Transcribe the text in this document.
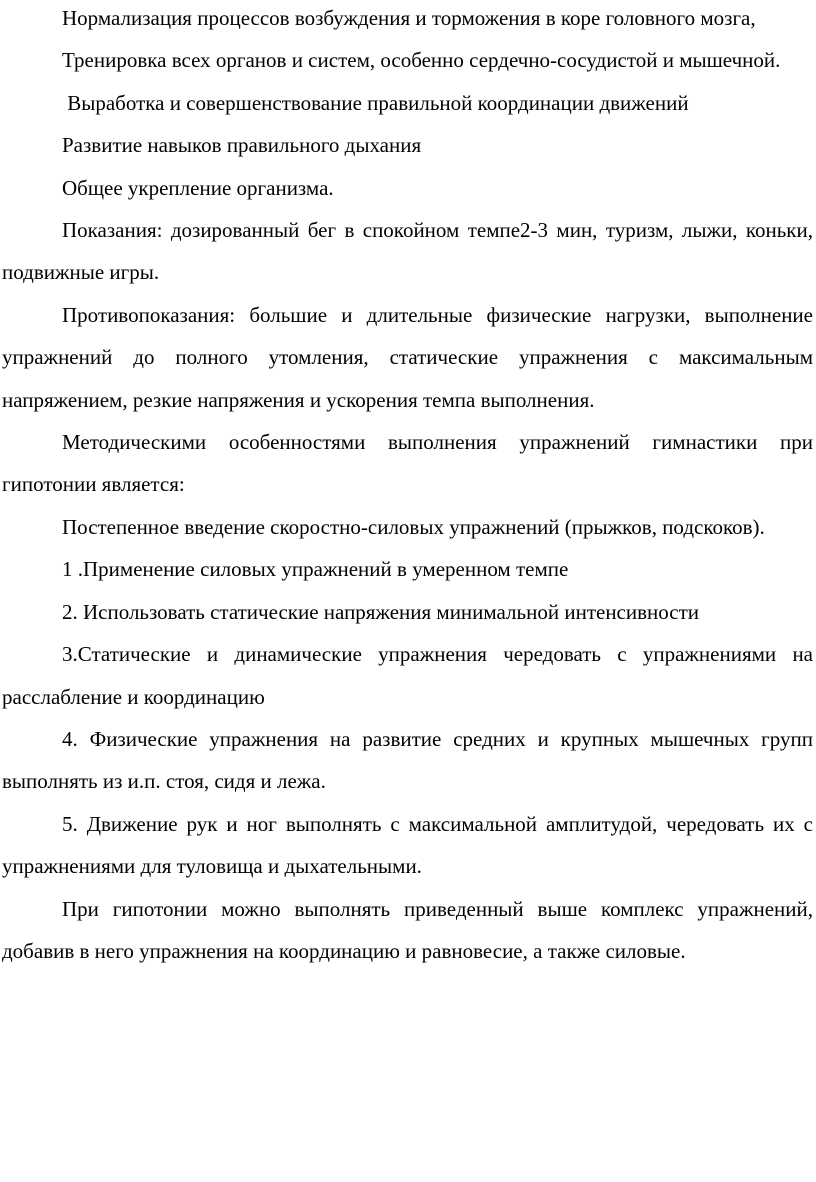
Нормализация процессов возбуждения и торможения в коре головного мозга,

Тренировка всех органов и систем, особенно сердечно-сосудистой и мышечной.

Выработка и совершенствование правильной координации движений

Развитие навыков правильного дыхания

Общее укрепление организма.

Показания: дозированный бег в спокойном темпе2-3 мин, туризм, лыжи, коньки, подвижные игры.

Противопоказания: большие и длительные физические нагрузки, выполнение упражнений до полного утомления, статические упражнения с максимальным напряжением, резкие напряжения и ускорения темпа выполнения.

Методическими особенностями выполнения упражнений гимнастики при гипотонии является:

Постепенное введение скоростно-силовых упражнений (прыжков, подскоков).

1 .Применение силовых упражнений в умеренном темпе

2. Использовать статические напряжения минимальной интенсивности

3.Статические и динамические упражнения чередовать с упражнениями на расслабление и координацию

4. Физические упражнения на развитие средних и крупных мышечных групп выполнять из и.п. стоя, сидя и лежа.

5. Движение рук и ног выполнять с максимальной амплитудой, чередовать их с упражнениями для туловища и дыхательными.

При гипотонии можно выполнять приведенный выше комплекс упражнений, добавив в него упражнения на координацию и равновесие, а также силовые.
